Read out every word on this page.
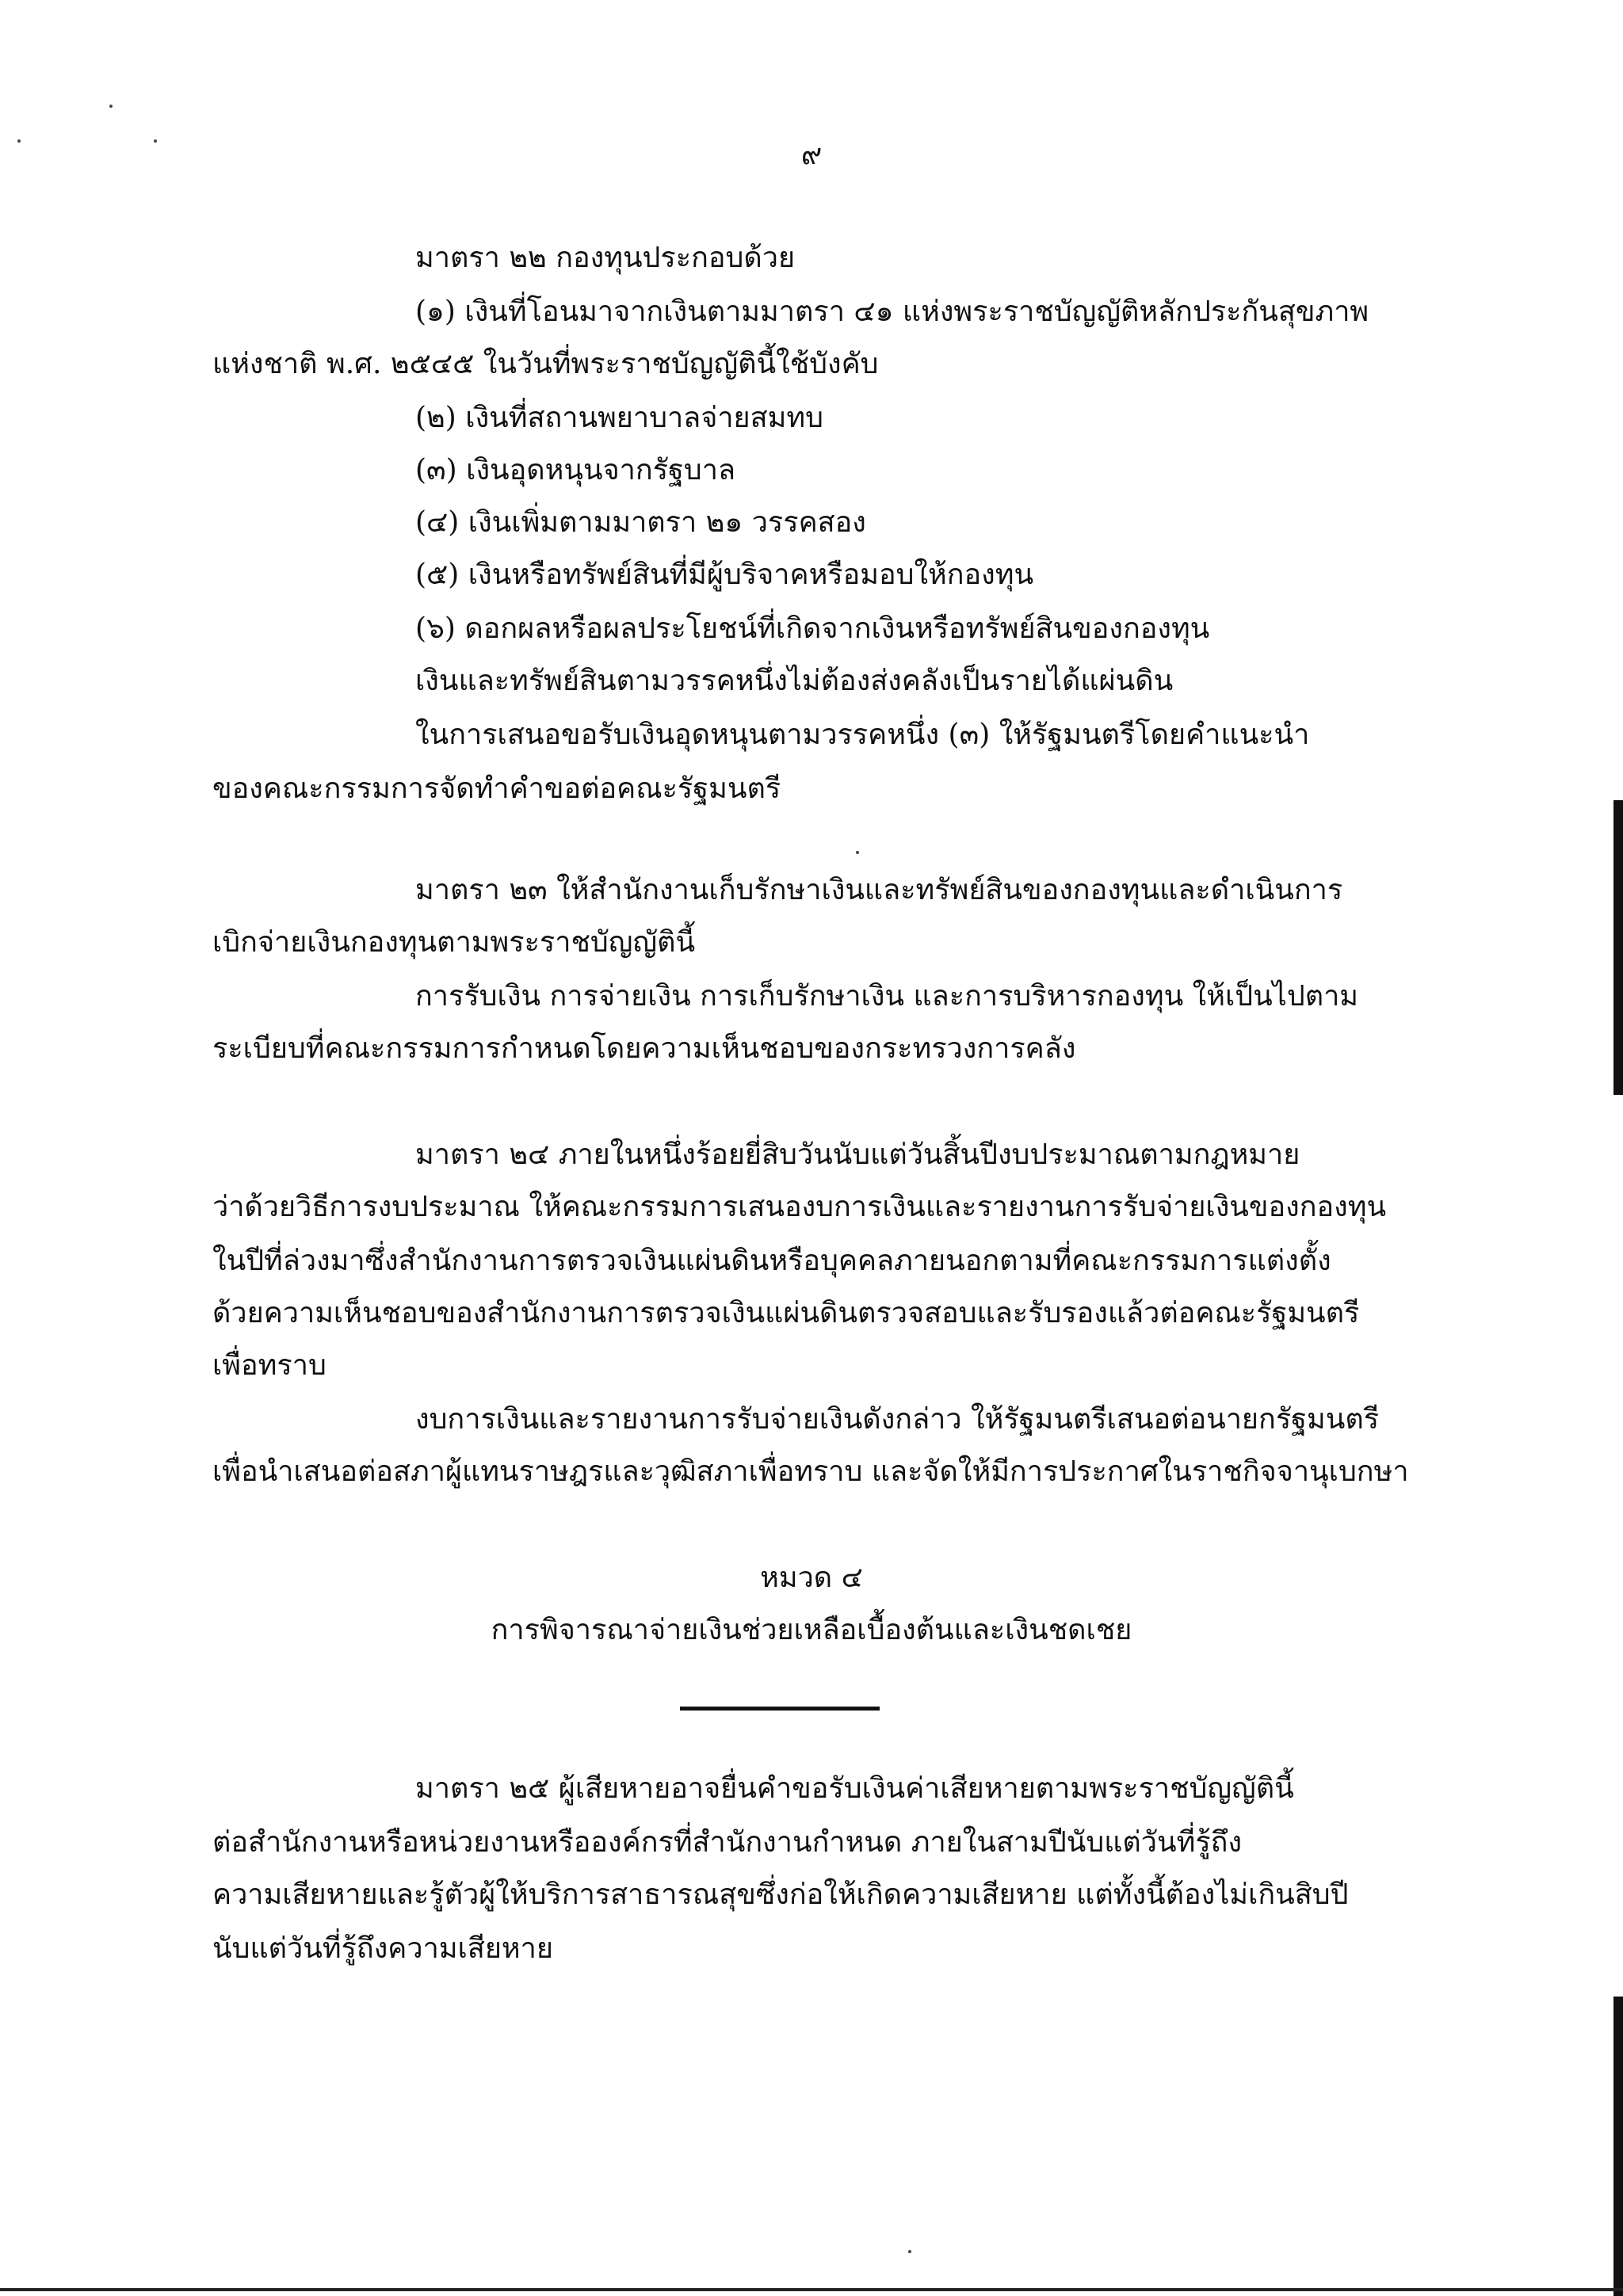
๙
มาตรา ๒๒ กองทุนประกอบด้วย
(๑) เงินที่โอนมาจากเงินตามมาตรา ๔๑ แห่งพระราชบัญญัติหลักประกันสุขภาพ
แห่งชาติ พ.ศ. ๒๕๔๕ ในวันที่พระราชบัญญัตินี้ใช้บังคับ
(๒) เงินที่สถานพยาบาลจ่ายสมทบ
(๓) เงินอุดหนุนจากรัฐบาล
(๔) เงินเพิ่มตามมาตรา ๒๑ วรรคสอง
(๕) เงินหรือทรัพย์สินที่มีผู้บริจาคหรือมอบให้กองทุน
(๖) ดอกผลหรือผลประโยชน์ที่เกิดจากเงินหรือทรัพย์สินของกองทุน
เงินและทรัพย์สินตามวรรคหนึ่งไม่ต้องส่งคลังเป็นรายได้แผ่นดิน
ในการเสนอขอรับเงินอุดหนุนตามวรรคหนึ่ง (๓) ให้รัฐมนตรีโดยคำแนะนำ
ของคณะกรรมการจัดทำคำขอต่อคณะรัฐมนตรี
มาตรา ๒๓ ให้สำนักงานเก็บรักษาเงินและทรัพย์สินของกองทุนและดำเนินการ
เบิกจ่ายเงินกองทุนตามพระราชบัญญัตินี้
การรับเงิน การจ่ายเงิน การเก็บรักษาเงิน และการบริหารกองทุน ให้เป็นไปตาม
ระเบียบที่คณะกรรมการกำหนดโดยความเห็นชอบของกระทรวงการคลัง
มาตรา ๒๔ ภายในหนึ่งร้อยยี่สิบวันนับแต่วันสิ้นปีงบประมาณตามกฎหมาย
ว่าด้วยวิธีการงบประมาณ ให้คณะกรรมการเสนองบการเงินและรายงานการรับจ่ายเงินของกองทุน
ในปีที่ล่วงมาซึ่งสำนักงานการตรวจเงินแผ่นดินหรือบุคคลภายนอกตามที่คณะกรรมการแต่งตั้ง
ด้วยความเห็นชอบของสำนักงานการตรวจเงินแผ่นดินตรวจสอบและรับรองแล้วต่อคณะรัฐมนตรี
เพื่อทราบ
งบการเงินและรายงานการรับจ่ายเงินดังกล่าว ให้รัฐมนตรีเสนอต่อนายกรัฐมนตรี
เพื่อนำเสนอต่อสภาผู้แทนราษฎรและวุฒิสภาเพื่อทราบ และจัดให้มีการประกาศในราชกิจจานุเบกษา
หมวด ๔
การพิจารณาจ่ายเงินช่วยเหลือเบื้องต้นและเงินชดเชย
มาตรา ๒๕ ผู้เสียหายอาจยื่นคำขอรับเงินค่าเสียหายตามพระราชบัญญัตินี้
ต่อสำนักงานหรือหน่วยงานหรือองค์กรที่สำนักงานกำหนด ภายในสามปีนับแต่วันที่รู้ถึง
ความเสียหายและรู้ตัวผู้ให้บริการสาธารณสุขซึ่งก่อให้เกิดความเสียหาย แต่ทั้งนี้ต้องไม่เกินสิบปี
นับแต่วันที่รู้ถึงความเสียหาย
